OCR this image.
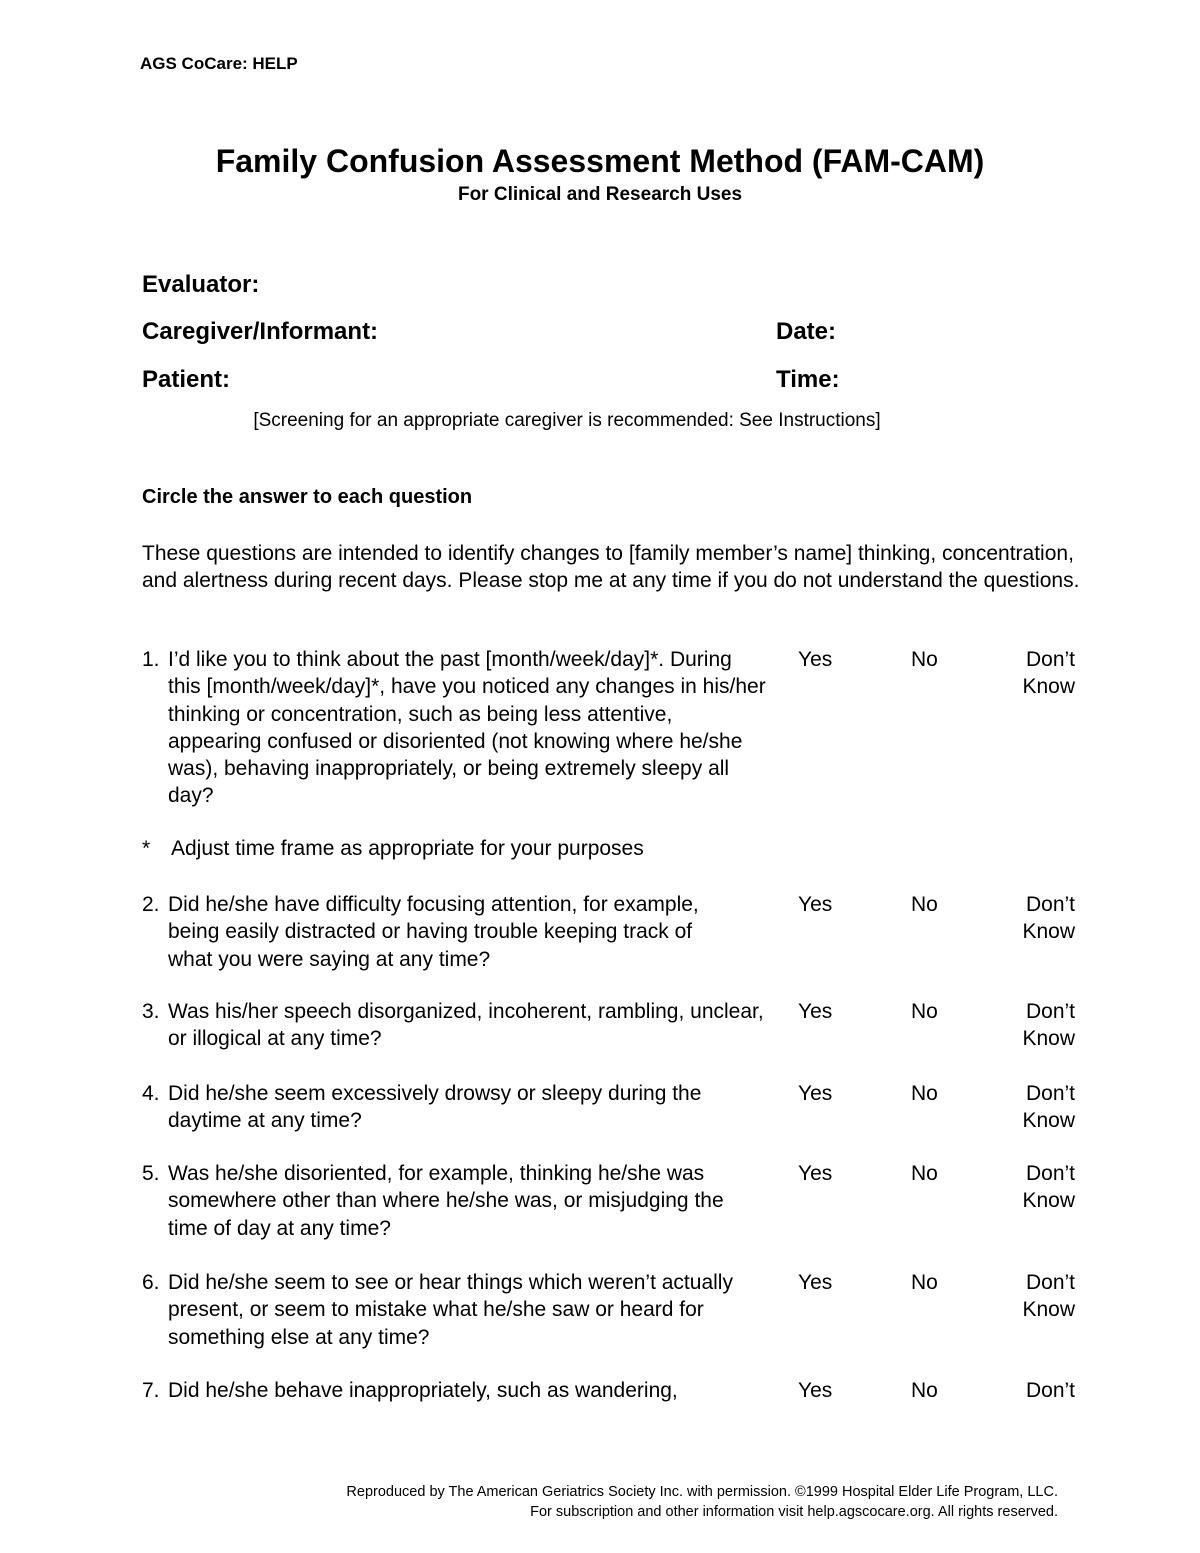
AGS CoCare: HELP
Family Confusion Assessment Method (FAM-CAM)
For Clinical and Research Uses
Evaluator:
Caregiver/Informant:	Date:
Patient:	Time:
[Screening for an appropriate caregiver is recommended: See Instructions]
Circle the answer to each question
These questions are intended to identify changes to [family member’s name] thinking, concentration, and alertness during recent days. Please stop me at any time if you do not understand the questions.
1. I’d like you to think about the past [month/week/day]*. During this [month/week/day]*, have you noticed any changes in his/her thinking or concentration, such as being less attentive, appearing confused or disoriented (not knowing where he/she was), behaving inappropriately, or being extremely sleepy all day?
Yes	No	Don’t Know
* Adjust time frame as appropriate for your purposes
2. Did he/she have difficulty focusing attention, for example, being easily distracted or having trouble keeping track of what you were saying at any time?
Yes	No	Don’t Know
3. Was his/her speech disorganized, incoherent, rambling, unclear, or illogical at any time?
Yes	No	Don’t Know
4. Did he/she seem excessively drowsy or sleepy during the daytime at any time?
Yes	No	Don’t Know
5. Was he/she disoriented, for example, thinking he/she was somewhere other than where he/she was, or misjudging the time of day at any time?
Yes	No	Don’t Know
6. Did he/she seem to see or hear things which weren’t actually present, or seem to mistake what he/she saw or heard for something else at any time?
Yes	No	Don’t Know
7. Did he/she behave inappropriately, such as wandering,	Yes	No	Don’t
Reproduced by The American Geriatrics Society Inc. with permission. ©1999 Hospital Elder Life Program, LLC.
For subscription and other information visit help.agscocare.org. All rights reserved.
